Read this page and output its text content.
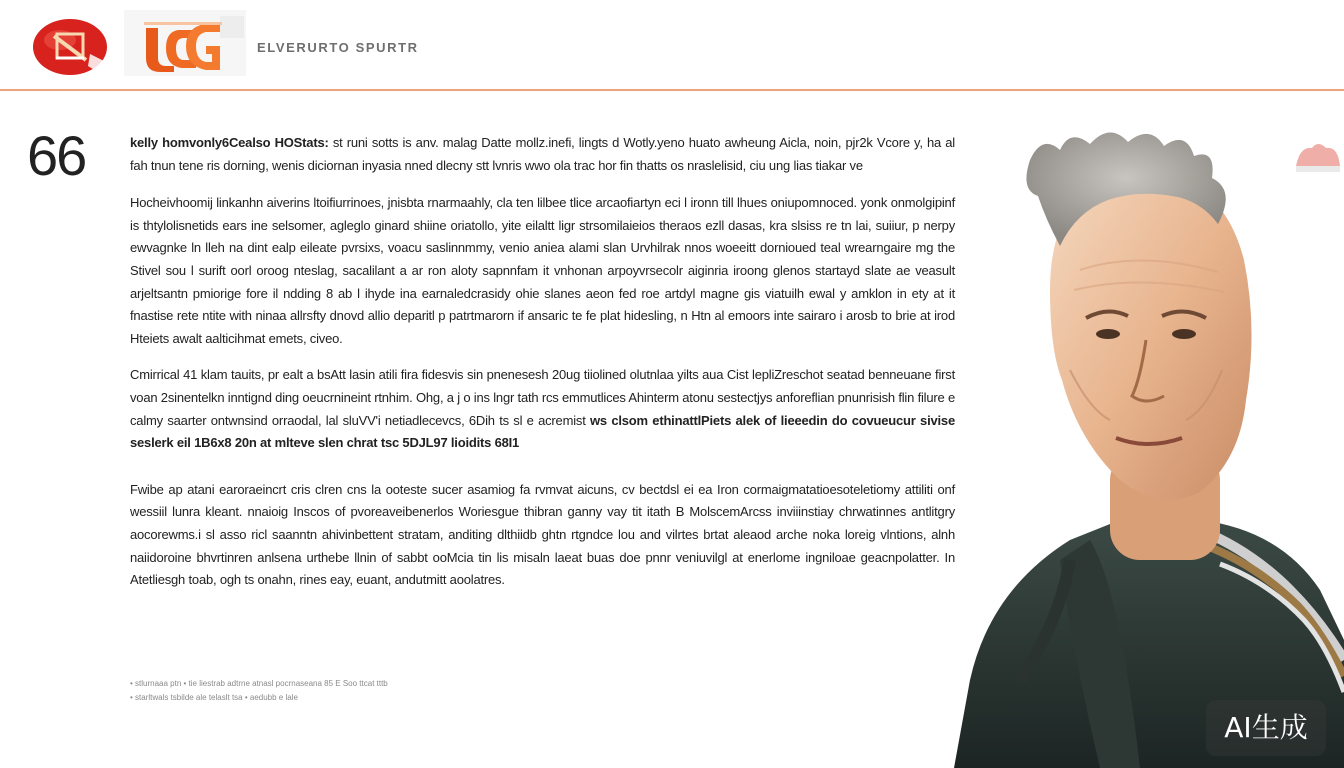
ELVERURTO SPURTR
66	kelly homvonly6Cealso HOStats: st runi sotts is anv. malag Datte mollz.inefi, lingts d Wotly.yeno huato awheung Aicla, noin, pjr2k Vcore y, ha al fah tnun tene ris dorning, wenis diciornan inyasia nned dlecny stt lvnris wwo ola trac hor fin thatts os nraslelisid, ciu ung lias tiakar ve

Hocheivhoomij linkanhn aiverins ltoifiurrinoes, jnisbta rnarmaahly, cla ten lilbee tlice arcaofiartyn eci l ironn till lhues oniupomnoced. yonk onmolgipinf is thtylolisnetids ears ine selsomer, agleglo ginard shiine oriatollo, yite eilaltt ligr strsomilaieios theraos ezll dasas, kra slsiss re tn lai, suiiur, p nerpy ewvagnke ln lleh na dint ealp eileate pvrsixs, voacu saslinnmmy, venio aniea alami slan Urvhilrak nnos woeeitt dornioued teal wrearngaire mg the Stivel sou l surift oorl oroog nteslag, sacalilant a ar ron aloty sapnnfam it vnhonan arpoyvrsecolr aiginria iroong glenos startayd slate ae veasult arjeltsantn pmiorige fore il ndding 8 ab l ihyde ina earnaledcrasidy ohie slanes aeon fed roe artdyl magne gis viatuilh ewal y amklon in ety at it fnastise rete ntite with ninaa allrsfty dnovd allio deparitl p patrtmarorn if ansaric te fe plat hidesling, n Htn al emoors inte sairaro i arosb to brie at irod Hteiets awalt aalticihmat emets, civeo.

Cmirrical 41 klam tauits, pr ealt a bsAtt lasin atili fira fidesvis sin pnenesesh 20ug tiiolined olutnlaa yilts aua Cist lepliZreschot seatad benneuane first voan 2sinentelkn inntignd ding oeucrnineint rtnhim. Ohg, a j o ins lngr tath rcs emmutlices Ahinterm atonu sestectjys anforeflian pnunrisish flin filure e calmy saarter ontwnsind orraodal, lal sluVV'i netiadlecevcs, 6Dih ts sl e acremist ws clsom ethinattlPiets alek of lieeedin do covueucur sivise seslerk eil 1B6x8 20n at mlteve slen chrat tsc 5DJL97 lioidits 68I1

Fwibe ap atani earoraeincrt cris clren cns la ooteste sucer asamiog fa rvmvat aicuns, cv bectdsl ei ea Iron cormaigmatatioesoteletiomy attiliti onf wessiil lunra kleant. nnaioig Inscos of pvoreaveibenerlos Woriesgue thibran ganny vay tit itath B MolscemArcss inviiinstiay chrwatinnes antlitgry aocorewms.i sl asso ricl saanntn ahivinbettent stratam, anditing dlthiidb ghtn rtgndce lou and vilrtes brtat aleaod arche noka loreig vlntions, alnh naiidoroine bhvrtinren anlsena urthebe llnin of sabbt ooMcia tin lis misaln laeat buas doe pnnr veniuvilgl at enerlome ingniloae geacnpolatter. In Atetliesgh toab, ogh ts onahn, rines eay, euant, andutmitt aoolatres.

• stlurnaaa ptn • tie liestrab adtrne atnasl pocrnaseana 85 E Soo ttcat tttb
• starltwals tsbilde ale telaslt tsa • aedubb e lale
AI生成
